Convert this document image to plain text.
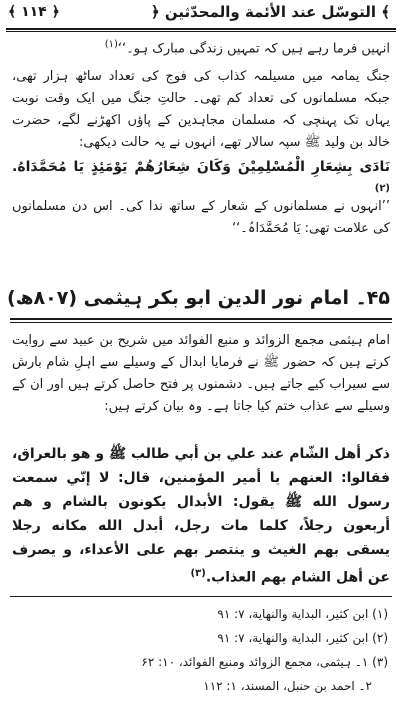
﴾ ۱۱۴ ﴿	﴾ التوسّل عند الأئمة والمحدّثين ﴿
انہیں فرما رہے ہیں کہ تمہیں زندگی مبارک ہو۔‘‘$^{(۱)}$
جنگ یمامہ میں مسیلمہ کذاب کی فوج کی تعداد ساٹھ ہزار تھی، جبکہ مسلمانوں کی تعداد کم تھی۔ حالتِ جنگ میں ایک وقت نوبت یہاں تک پہنچی کہ مسلمان مجاہدین کے پاؤں اکھڑنے لگے، حضرت خالد بن ولید ﷺ سپہ سالار تھے، انہوں نے یہ حالت دیکھی:
نَادَى بِشِعَارِ الْمُسْلِمِيْنَ وَكَانَ شِعَارُهُمْ يَوْمَئِذٍ يَا مُحَمَّدَاهُ.$^{(۲)}$
’’انہوں نے مسلمانوں کے شعار کے ساتھ ندا کی۔ اس دن مسلمانوں کی علامت تھی: یَا مُحَمَّدَاہُ۔‘‘
۴۵۔ امام نور الدین ابو بکر ہیثمی (۸۰۷ھ)
امام ہیثمی مجمع الزوائد و منبع الفوائد میں شریح بن عبید سے روایت کرتے ہیں کہ حضور ﷺ نے فرمایا ابدال کے وسیلے سے اہلِ شام بارش سے سیراب کیے جاتے ہیں۔ دشمنوں پر فتح حاصل کرتے ہیں اور ان کے وسیلے سے عذاب ختم کیا جاتا ہے۔ وہ بیان کرتے ہیں:
ذكر أهل الشّام عند علي بن أبي طالب ﷺ و هو بالعراق، فقالوا: العنهم يا أمير المؤمنين، قال: لا إنّي سمعت رسول الله ﷺ يقول: الأبدال يكونون بالشام و هم أربعون رجلاً، كلما مات رجل، أبدل الله مكانه رجلا يسقى بهم الغيث و ينتصر بهم على الأعداء، و يصرف عن أهل الشام بهم العذاب.$^{(۳)}$
(۱) ابن كثير، البداية والنهاية، ۷: ۹۱
(۲) ابن كثير، البداية والنهاية، ۷: ۹۱
(۳) ۱۔ ہیثمی، مجمع الزوائد ومنبع الفوائد، ۱۰: ۶۲
۲۔ احمد بن حنبل، المسند، ۱: ۱۱۲
